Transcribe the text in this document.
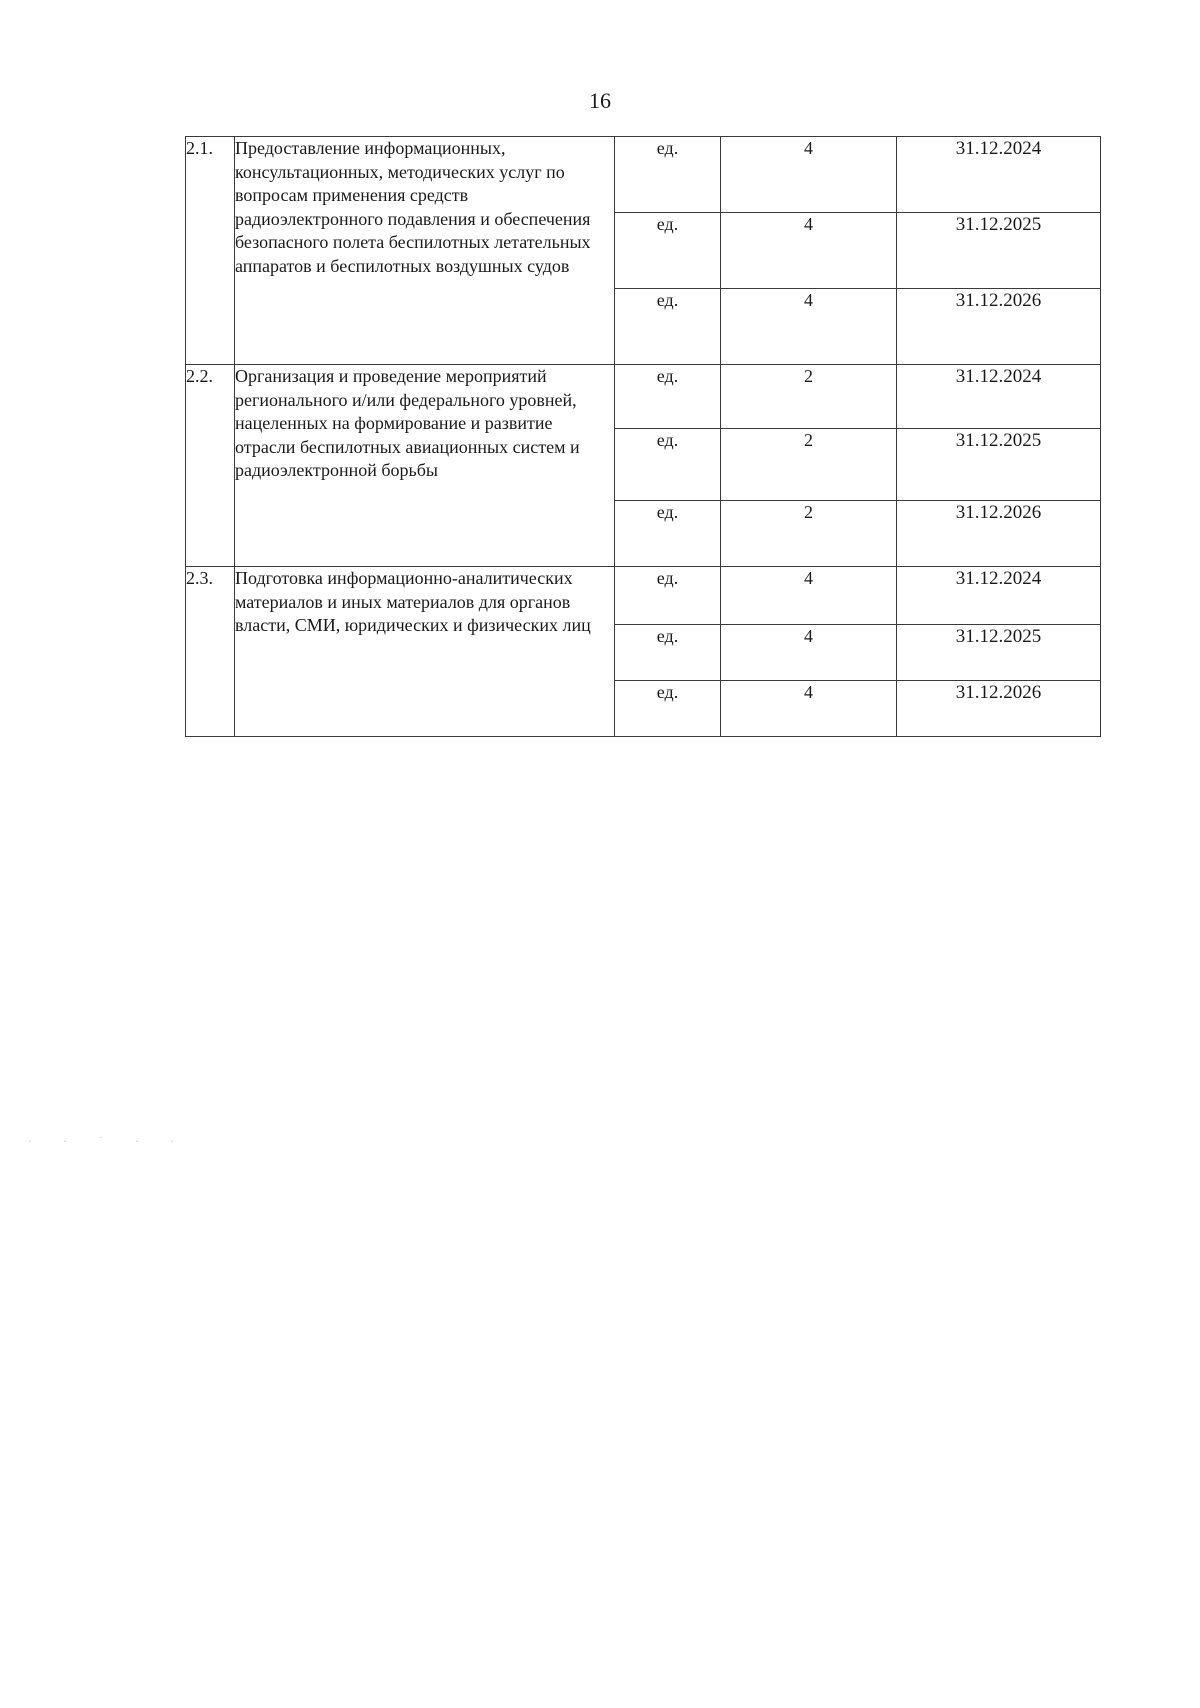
16
2.1.	Предоставление информационных, консультационных, методических услуг по вопросам применения средств радиоэлектронного подавления и обеспечения безопасного полета беспилотных летательных аппаратов и беспилотных воздушных судов	ед.	4	31.12.2024
		ед.	4	31.12.2025
		ед.	4	31.12.2026
2.2.	Организация и проведение мероприятий регионального и/или федерального уровней, нацеленных на формирование и развитие отрасли беспилотных авиационных систем и радиоэлектронной борьбы	ед.	2	31.12.2024
		ед.	2	31.12.2025
		ед.	2	31.12.2026
2.3.	Подготовка информационно-аналитических материалов и иных материалов для органов власти, СМИ, юридических и физических лиц	ед.	4	31.12.2024
		ед.	4	31.12.2025
		ед.	4	31.12.2026
· · ˙ · ·
